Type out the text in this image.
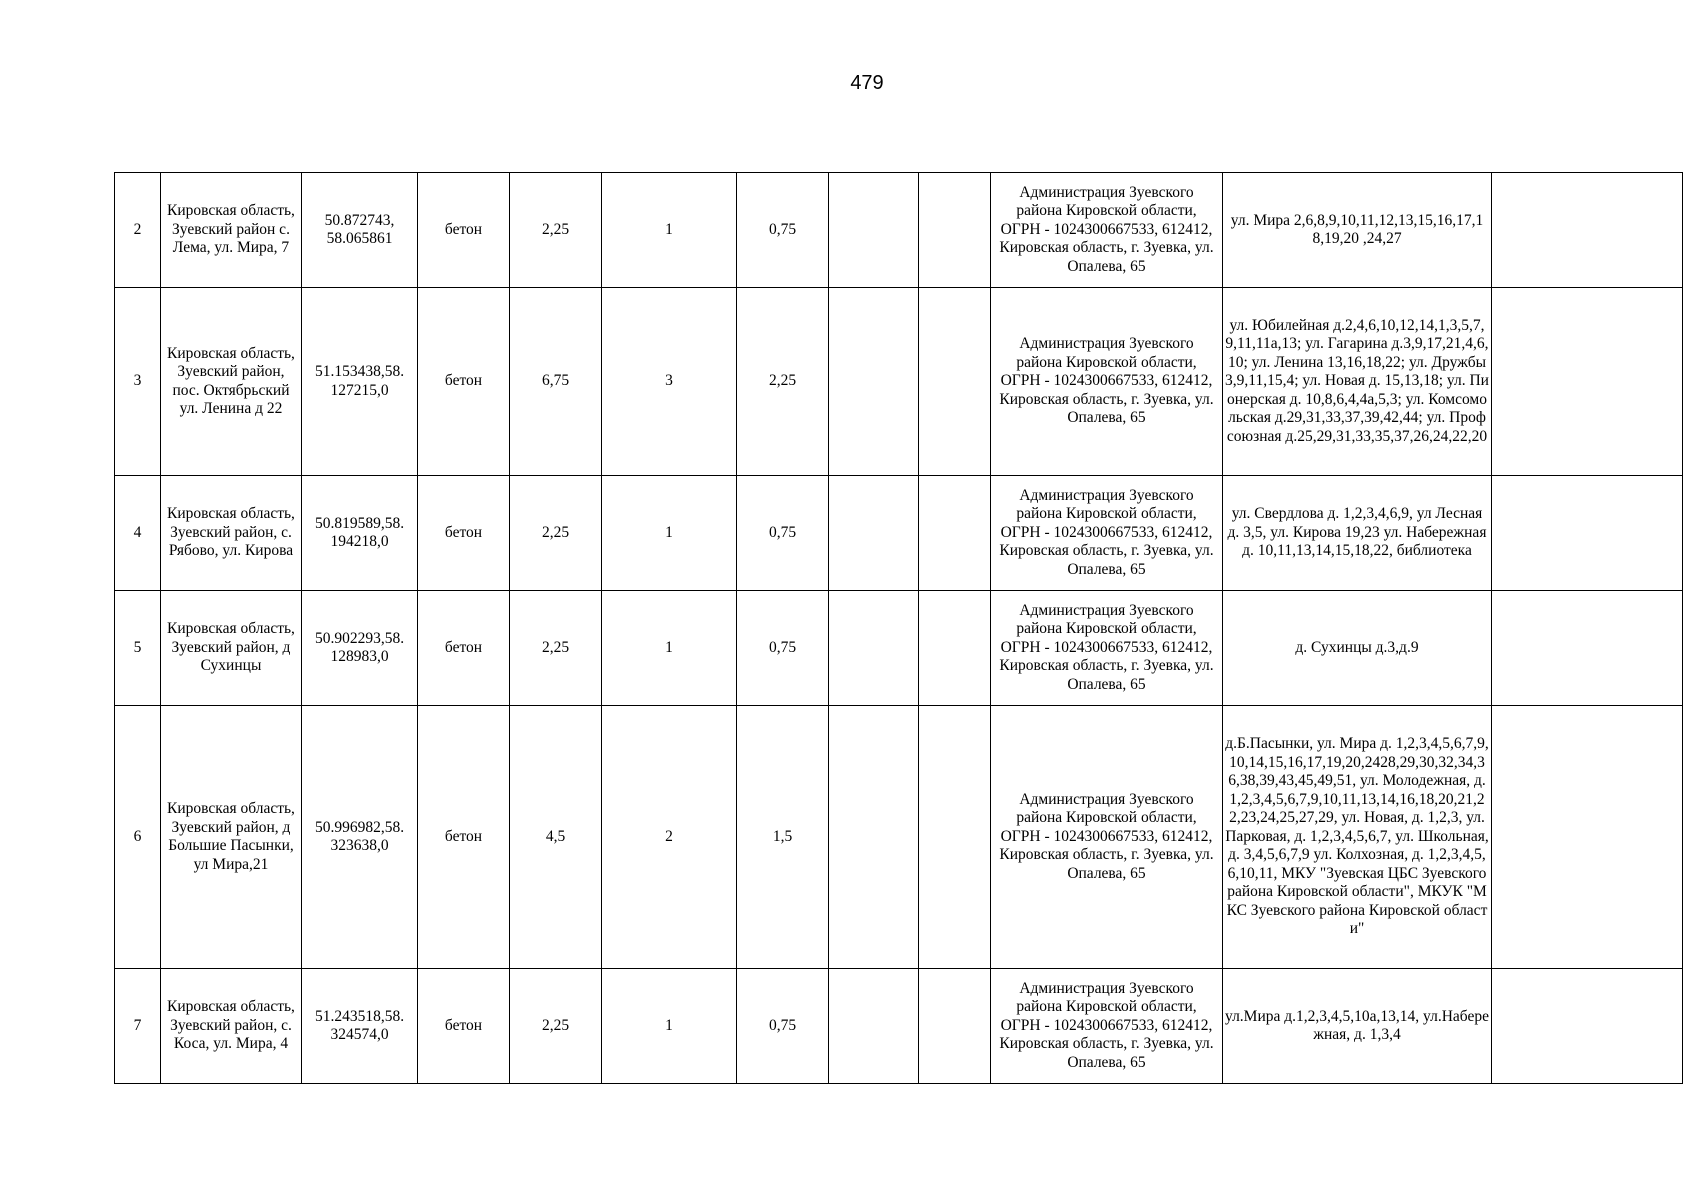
479
2	Кировская область, Зуевский район с. Лема, ул. Мира, 7	50.872743, 58.065861	бетон	2,25	1	0,75			Администрация Зуевского района Кировской области, ОГРН - 1024300667533, 612412, Кировская область, г. Зуевка, ул. Опалева, 65	ул. Мира 2,6,8,9,10,11,12,13,15,16,17,18,19,20 ,24,27	
3	Кировская область, Зуевский район, пос. Октябрьский ул. Ленина д 22	51.153438,58. 127215,0	бетон	6,75	3	2,25			Администрация Зуевского района Кировской области, ОГРН - 1024300667533, 612412, Кировская область, г. Зуевка, ул. Опалева, 65	ул. Юбилейная д.2,4,6,10,12,14,1,3,5,7,9,11,11а,13; ул. Гагарина д.3,9,17,21,4,6,10; ул. Ленина 13,16,18,22; ул. Дружбы 3,9,11,15,4; ул. Новая д. 15,13,18; ул. Пионерская д. 10,8,6,4,4а,5,3; ул. Комсомольская д.29,31,33,37,39,42,44; ул. Профсоюзная д.25,29,31,33,35,37,26,24,22,20	
4	Кировская область, Зуевский район, с. Рябово, ул. Кирова	50.819589,58. 194218,0	бетон	2,25	1	0,75			Администрация Зуевского района Кировской области, ОГРН - 1024300667533, 612412, Кировская область, г. Зуевка, ул. Опалева, 65	ул. Свердлова д. 1,2,3,4,6,9, ул Лесная д. 3,5, ул. Кирова 19,23 ул. Набережная д. 10,11,13,14,15,18,22, библиотека	
5	Кировская область, Зуевский район, д Сухинцы	50.902293,58. 128983,0	бетон	2,25	1	0,75			Администрация Зуевского района Кировской области, ОГРН - 1024300667533, 612412, Кировская область, г. Зуевка, ул. Опалева, 65	д. Сухинцы д.3,д.9	
6	Кировская область, Зуевский район, д Большие Пасынки, ул Мира,21	50.996982,58. 323638,0	бетон	4,5	2	1,5			Администрация Зуевского района Кировской области, ОГРН - 1024300667533, 612412, Кировская область, г. Зуевка, ул. Опалева, 65	д.Б.Пасынки, ул. Мира д. 1,2,3,4,5,6,7,9, 10,14,15,16,17,19,20,2428,29,30,32,34,36,38,39,43,45,49,51, ул. Молодежная, д. 1,2,3,4,5,6,7,9,10,11,13,14,16,18,20,21,22,23,24,25,27,29, ул. Новая, д. 1,2,3, ул. Парковая, д. 1,2,3,4,5,6,7, ул. Школьная, д. 3,4,5,6,7,9 ул. Колхозная, д. 1,2,3,4,5,6,10,11, МКУ "Зуевская ЦБС Зуевского района Кировской области", МКУК "МКС Зуевского района Кировской области"	
7	Кировская область, Зуевский район, с. Коса, ул. Мира, 4	51.243518,58. 324574,0	бетон	2,25	1	0,75			Администрация Зуевского района Кировской области, ОГРН - 1024300667533, 612412, Кировская область, г. Зуевка, ул. Опалева, 65	ул.Мира д.1,2,3,4,5,10а,13,14, ул.Набережная, д. 1,3,4	
